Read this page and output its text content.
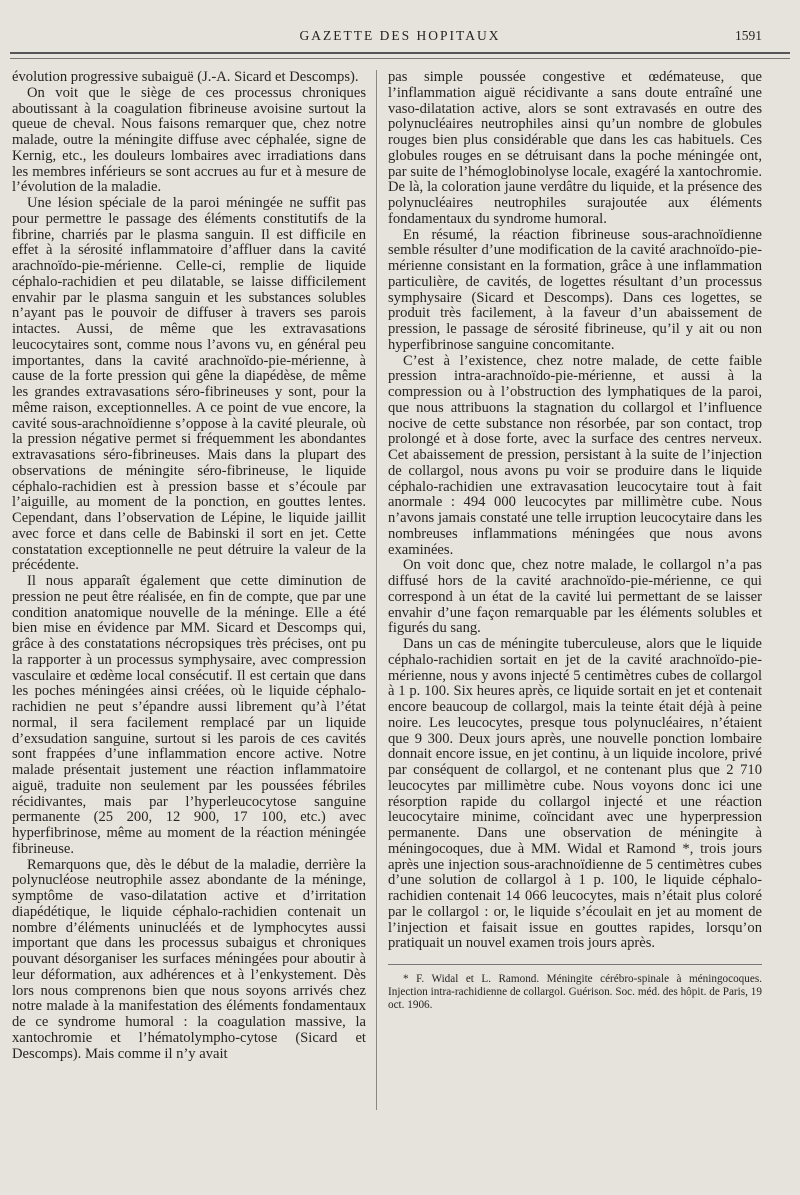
GAZETTE DES HOPITAUX	1591

évolution progressive subaiguë (J.-A. Sicard et Descomps).

On voit que le siège de ces processus chroniques aboutissant à la coagulation fibrineuse avoisine surtout la queue de cheval. Nous faisons remarquer que, chez notre malade, outre la méningite diffuse avec céphalée, signe de Kernig, etc., les douleurs lombaires avec irradiations dans les membres inférieurs se sont accrues au fur et à mesure de l’évolution de la maladie.

Une lésion spéciale de la paroi méningée ne suffit pas pour permettre le passage des éléments constitutifs de la fibrine, charriés par le plasma sanguin. Il est difficile en effet à la sérosité inflammatoire d’affluer dans la cavité arachnoïdo-pie-mérienne. Celle-ci, remplie de liquide céphalo-rachidien et peu dilatable, se laisse difficilement envahir par le plasma sanguin et les substances solubles n’ayant pas le pouvoir de diffuser à travers ses parois intactes. Aussi, de même que les extravasations leucocytaires sont, comme nous l’avons vu, en général peu importantes, dans la cavité arachnoïdo-pie-mérienne, à cause de la forte pression qui gêne la diapédèse, de même les grandes extravasations séro-fibrineuses y sont, pour la même raison, exceptionnelles. A ce point de vue encore, la cavité sous-arachnoïdienne s’oppose à la cavité pleurale, où la pression négative permet si fréquemment les abondantes extravasations séro-fibrineuses. Mais dans la plupart des observations de méningite séro-fibrineuse, le liquide céphalo-rachidien est à pression basse et s’écoule par l’aiguille, au moment de la ponction, en gouttes lentes. Cependant, dans l’observation de Lépine, le liquide jaillit avec force et dans celle de Babinski il sort en jet. Cette constatation exceptionnelle ne peut détruire la valeur de la précédente.

Il nous apparaît également que cette diminution de pression ne peut être réalisée, en fin de compte, que par une condition anatomique nouvelle de la méninge. Elle a été bien mise en évidence par MM. Sicard et Descomps qui, grâce à des constatations nécropsiques très précises, ont pu la rapporter à un processus symphysaire, avec compression vasculaire et œdème local consécutif. Il est certain que dans les poches méningées ainsi créées, où le liquide céphalo-rachidien ne peut s’épandre aussi librement qu’à l’état normal, il sera facilement remplacé par un liquide d’exsudation sanguine, surtout si les parois de ces cavités sont frappées d’une inflammation encore active. Notre malade présentait justement une réaction inflammatoire aiguë, traduite non seulement par les poussées fébriles récidivantes, mais par l’hyperleucocytose sanguine permanente (25 200, 12 900, 17 100, etc.) avec hyperfibrinose, même au moment de la réaction méningée fibrineuse.

Remarquons que, dès le début de la maladie, derrière la polynucléose neutrophile assez abondante de la méninge, symptôme de vaso-dilatation active et d’irritation diapédétique, le liquide céphalo-rachidien contenait un nombre d’éléments uninucléés et de lymphocytes aussi important que dans les processus subaigus et chroniques pouvant désorganiser les surfaces méningées pour aboutir à leur déformation, aux adhérences et à l’enkystement. Dès lors nous comprenons bien que nous soyons arrivés chez notre malade à la manifestation des éléments fondamentaux de ce syndrome humoral : la coagulation massive, la xantochromie et l’hématolympho-cytose (Sicard et Descomps). Mais comme il n’y avait

pas simple poussée congestive et œdémateuse, que l’inflammation aiguë récidivante a sans doute entraîné une vaso-dilatation active, alors se sont extravasés en outre des polynucléaires neutrophiles ainsi qu’un nombre de globules rouges bien plus considérable que dans les cas habituels. Ces globules rouges en se détruisant dans la poche méningée ont, par suite de l’hémoglobinolyse locale, exagéré la xantochromie. De là, la coloration jaune verdâtre du liquide, et la présence des polynucléaires neutrophiles surajoutée aux éléments fondamentaux du syndrome humoral.

En résumé, la réaction fibrineuse sous-arachnoïdienne semble résulter d’une modification de la cavité arachnoïdo-pie-mérienne consistant en la formation, grâce à une inflammation particulière, de cavités, de logettes résultant d’un processus symphysaire (Sicard et Descomps). Dans ces logettes, se produit très facilement, à la faveur d’un abaissement de pression, le passage de sérosité fibrineuse, qu’il y ait ou non hyperfibrinose sanguine concomitante.

C’est à l’existence, chez notre malade, de cette faible pression intra-arachnoïdo-pie-mérienne, et aussi à la compression ou à l’obstruction des lymphatiques de la paroi, que nous attribuons la stagnation du collargol et l’influence nocive de cette substance non résorbée, par son contact, trop prolongé et à dose forte, avec la surface des centres nerveux. Cet abaissement de pression, persistant à la suite de l’injection de collargol, nous avons pu voir se produire dans le liquide céphalo-rachidien une extravasation leucocytaire tout à fait anormale : 494 000 leucocytes par millimètre cube. Nous n’avons jamais constaté une telle irruption leucocytaire dans les nombreuses inflammations méningées que nous avons examinées.

On voit donc que, chez notre malade, le collargol n’a pas diffusé hors de la cavité arachnoïdo-pie-mérienne, ce qui correspond à un état de la cavité lui permettant de se laisser envahir d’une façon remarquable par les éléments solubles et figurés du sang.

Dans un cas de méningite tuberculeuse, alors que le liquide céphalo-rachidien sortait en jet de la cavité arachnoïdo-pie-mérienne, nous y avons injecté 5 centimètres cubes de collargol à 1 p. 100. Six heures après, ce liquide sortait en jet et contenait encore beaucoup de collargol, mais la teinte était déjà à peine noire. Les leucocytes, presque tous polynucléaires, n’étaient que 9 300. Deux jours après, une nouvelle ponction lombaire donnait encore issue, en jet continu, à un liquide incolore, privé par conséquent de collargol, et ne contenant plus que 2 710 leucocytes par millimètre cube. Nous voyons donc ici une résorption rapide du collargol injecté et une réaction leucocytaire minime, coïncidant avec une hyperpression permanente. Dans une observation de méningite à méningocoques, due à MM. Widal et Ramond *, trois jours après une injection sous-arachnoïdienne de 5 centimètres cubes d’une solution de collargol à 1 p. 100, le liquide céphalo-rachidien contenait 14 066 leucocytes, mais n’était plus coloré par le collargol : or, le liquide s’écoulait en jet au moment de l’injection et faisait issue en gouttes rapides, lorsqu’on pratiquait un nouvel examen trois jours après.

* F. Widal et L. Ramond. Méningite cérébro-spinale à méningocoques. Injection intra-rachidienne de collargol. Guérison. Soc. méd. des hôpit. de Paris, 19 oct. 1906.
